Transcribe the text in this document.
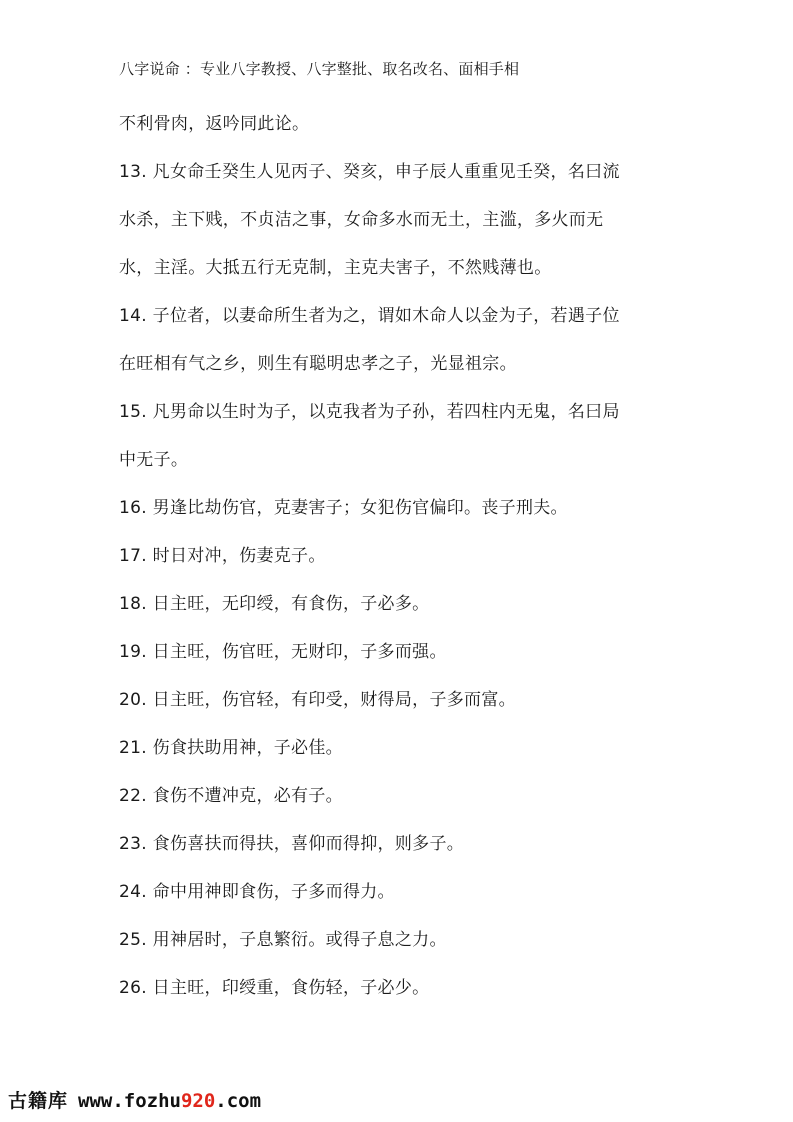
八字说命 ：专业八字教授、八字整批、取名改名、面相手相
不利骨肉，返吟同此论。
13. 凡女命壬癸生人见丙子、癸亥，申子辰人重重见壬癸，名曰流
水杀，主下贱，不贞洁之事，女命多水而无土，主滥，多火而无
水，主淫。大抵五行无克制，主克夫害子，不然贱薄也。
14. 子位者，以妻命所生者为之，谓如木命人以金为子，若遇子位
在旺相有气之乡，则生有聪明忠孝之子，光显祖宗。
15. 凡男命以生时为子，以克我者为子孙，若四柱内无鬼，名曰局
中无子。
16. 男逢比劫伤官，克妻害子；女犯伤官偏印。丧子刑夫。
17. 时日对冲，伤妻克子。
18. 日主旺，无印绶，有食伤，子必多。
19. 日主旺，伤官旺，无财印，子多而强。
20. 日主旺，伤官轻，有印受，财得局，子多而富。
21. 伤食扶助用神，子必佳。
22. 食伤不遭冲克，必有子。
23. 食伤喜扶而得扶，喜仰而得抑，则多子。
24. 命中用神即食伤，子多而得力。
25. 用神居时，子息繁衍。或得子息之力。
26. 日主旺，印绶重，食伤轻，子必少。
古籍库 www.fozhu920.com
